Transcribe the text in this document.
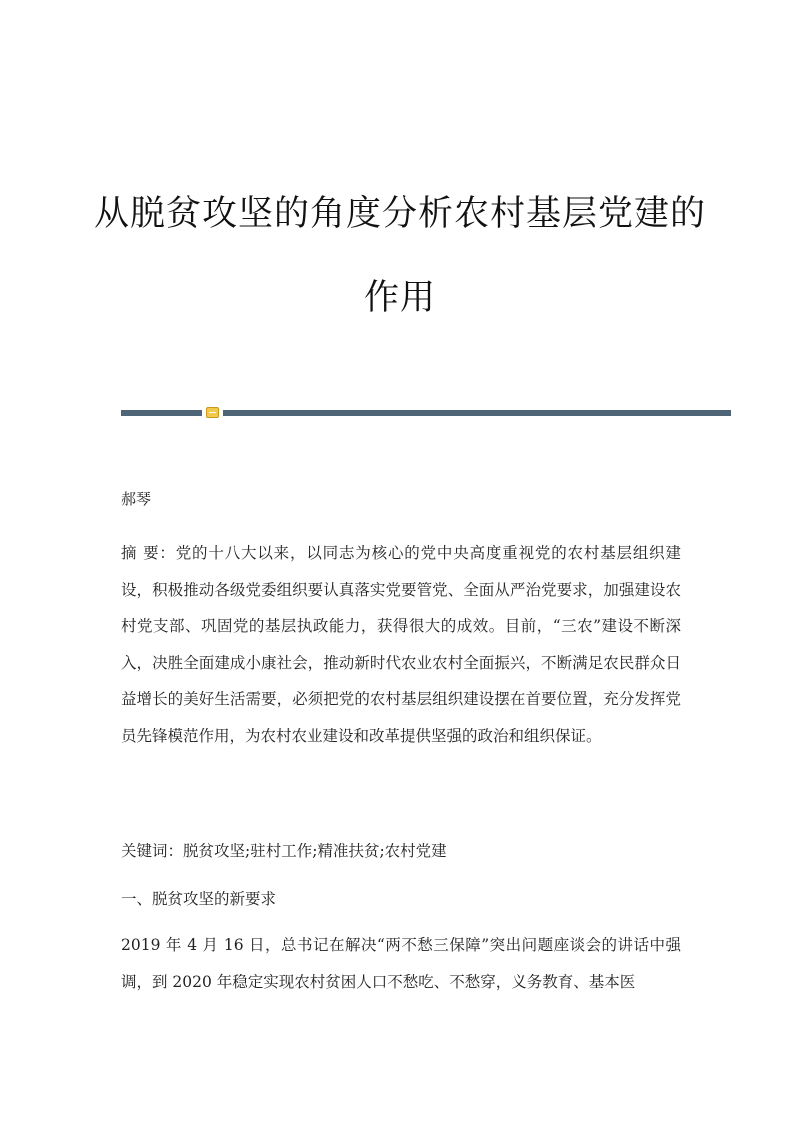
从脱贫攻坚的角度分析农村基层党建的
作用
郝琴
摘 要：党的十八大以来，以同志为核心的党中央高度重视党的农村基层组织建设，积极推动各级党委组织要认真落实党要管党、全面从严治党要求，加强建设农村党支部、巩固党的基层执政能力，获得很大的成效。目前，“三农”建设不断深入，决胜全面建成小康社会，推动新时代农业农村全面振兴，不断满足农民群众日益增长的美好生活需要，必须把党的农村基层组织建设摆在首要位置，充分发挥党员先锋模范作用，为农村农业建设和改革提供坚强的政治和组织保证。
关键词：脱贫攻坚;驻村工作;精准扶贫;农村党建
一、脱贫攻坚的新要求
2019 年 4 月 16 日，总书记在解决“两不愁三保障”突出问题座谈会的讲话中强调，到 2020 年稳定实现农村贫困人口不愁吃、不愁穿，义务教育、基本医
